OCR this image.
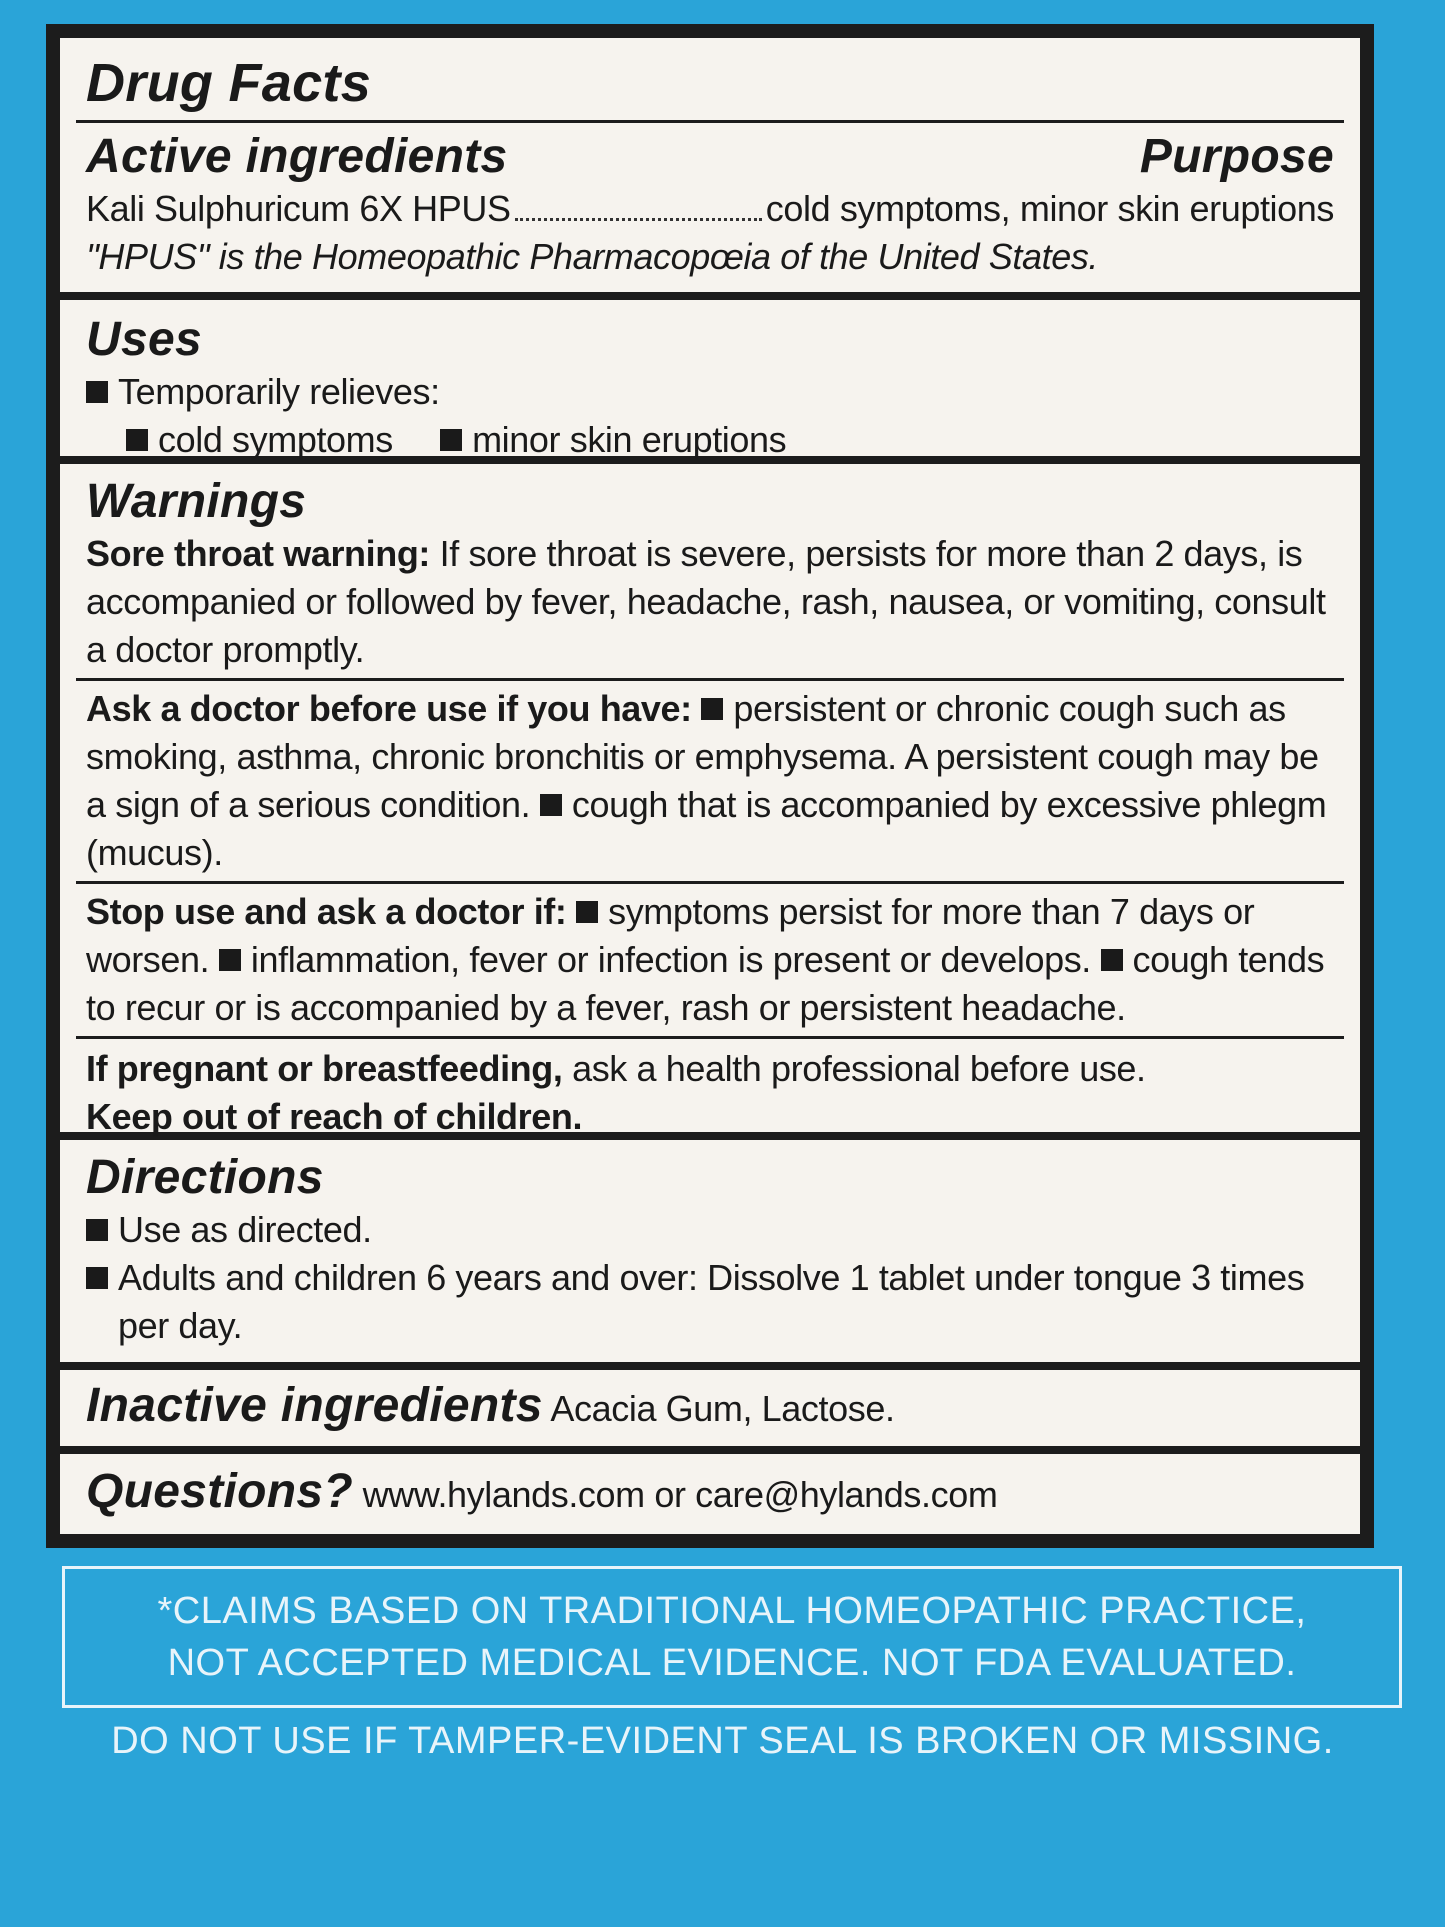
Drug Facts
Active ingredients	Purpose
Kali Sulphuricum 6X HPUS	cold symptoms, minor skin eruptions
"HPUS" is the Homeopathic Pharmacopœia of the United States.
Uses
Temporarily relieves:
cold symptoms minor skin eruptions
Warnings
Sore throat warning: If sore throat is severe, persists for more than 2 days, is accompanied or followed by fever, headache, rash, nausea, or vomiting, consult a doctor promptly.
Ask a doctor before use if you have: persistent or chronic cough such as smoking, asthma, chronic bronchitis or emphysema. A persistent cough may be a sign of a serious condition. cough that is accompanied by excessive phlegm (mucus).
Stop use and ask a doctor if: symptoms persist for more than 7 days or worsen. inflammation, fever or infection is present or develops. cough tends to recur or is accompanied by a fever, rash or persistent headache.
If pregnant or breastfeeding, ask a health professional before use.
Keep out of reach of children.
Directions
Use as directed.
Adults and children 6 years and over: Dissolve 1 tablet under tongue 3 times per day.
Inactive ingredients Acacia Gum, Lactose.
Questions? www.hylands.com or care@hylands.com
*CLAIMS BASED ON TRADITIONAL HOMEOPATHIC PRACTICE,
NOT ACCEPTED MEDICAL EVIDENCE. NOT FDA EVALUATED.
DO NOT USE IF TAMPER-EVIDENT SEAL IS BROKEN OR MISSING.
